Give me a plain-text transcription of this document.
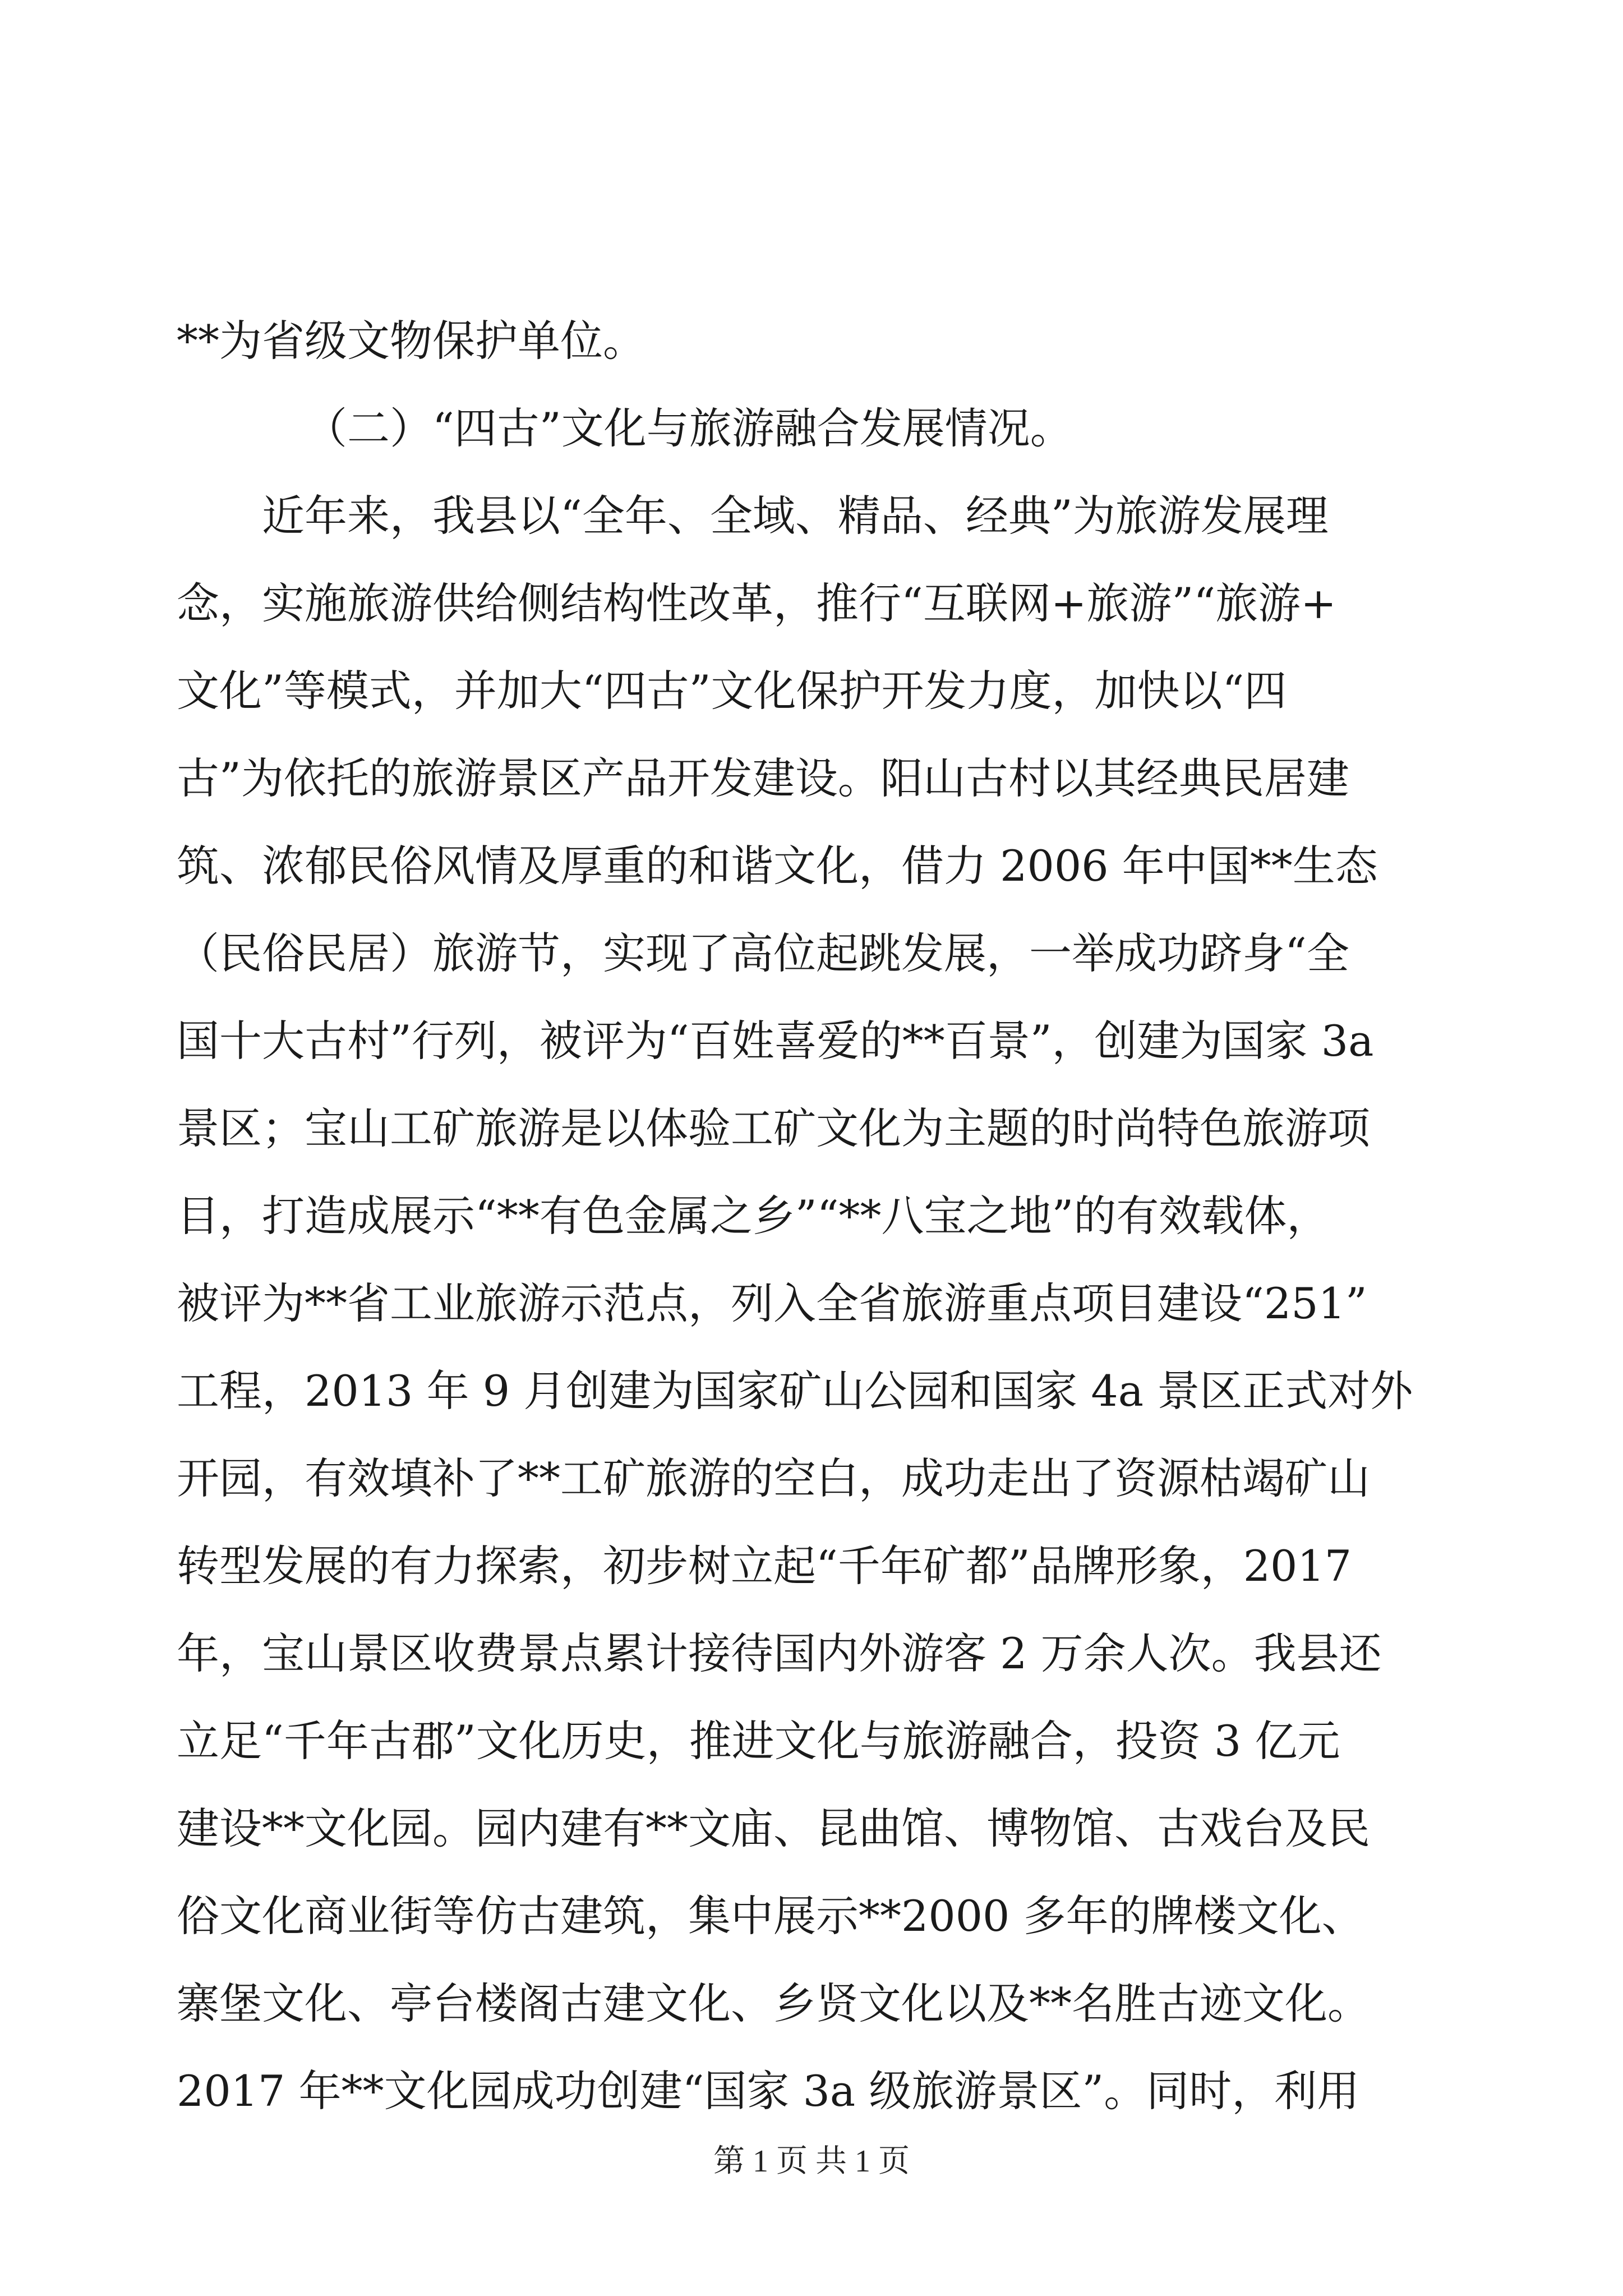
**为省级文物保护单位。
（二）“四古”文化与旅游融合发展情况。
　　近年来，我县以“全年、全域、精品、经典”为旅游发展理
念，实施旅游供给侧结构性改革，推行“互联网+旅游”“旅游+
文化”等模式，并加大“四古”文化保护开发力度，加快以“四
古”为依托的旅游景区产品开发建设。阳山古村以其经典民居建
筑、浓郁民俗风情及厚重的和谐文化，借力 2006 年中国**生态
（民俗民居）旅游节，实现了高位起跳发展，一举成功跻身“全
国十大古村”行列，被评为“百姓喜爱的**百景”，创建为国家 3a
景区；宝山工矿旅游是以体验工矿文化为主题的时尚特色旅游项
目，打造成展示“**有色金属之乡”“**八宝之地”的有效载体，
被评为**省工业旅游示范点，列入全省旅游重点项目建设“251”
工程，2013 年 9 月创建为国家矿山公园和国家 4a 景区正式对外
开园，有效填补了**工矿旅游的空白，成功走出了资源枯竭矿山
转型发展的有力探索，初步树立起“千年矿都”品牌形象，2017
年，宝山景区收费景点累计接待国内外游客 2 万余人次。我县还
立足“千年古郡”文化历史，推进文化与旅游融合，投资 3 亿元
建设**文化园。园内建有**文庙、昆曲馆、博物馆、古戏台及民
俗文化商业街等仿古建筑，集中展示**2000 多年的牌楼文化、
寨堡文化、亭台楼阁古建文化、乡贤文化以及**名胜古迹文化。
2017 年**文化园成功创建“国家 3a 级旅游景区”。同时，利用
第 1 页 共 1 页
